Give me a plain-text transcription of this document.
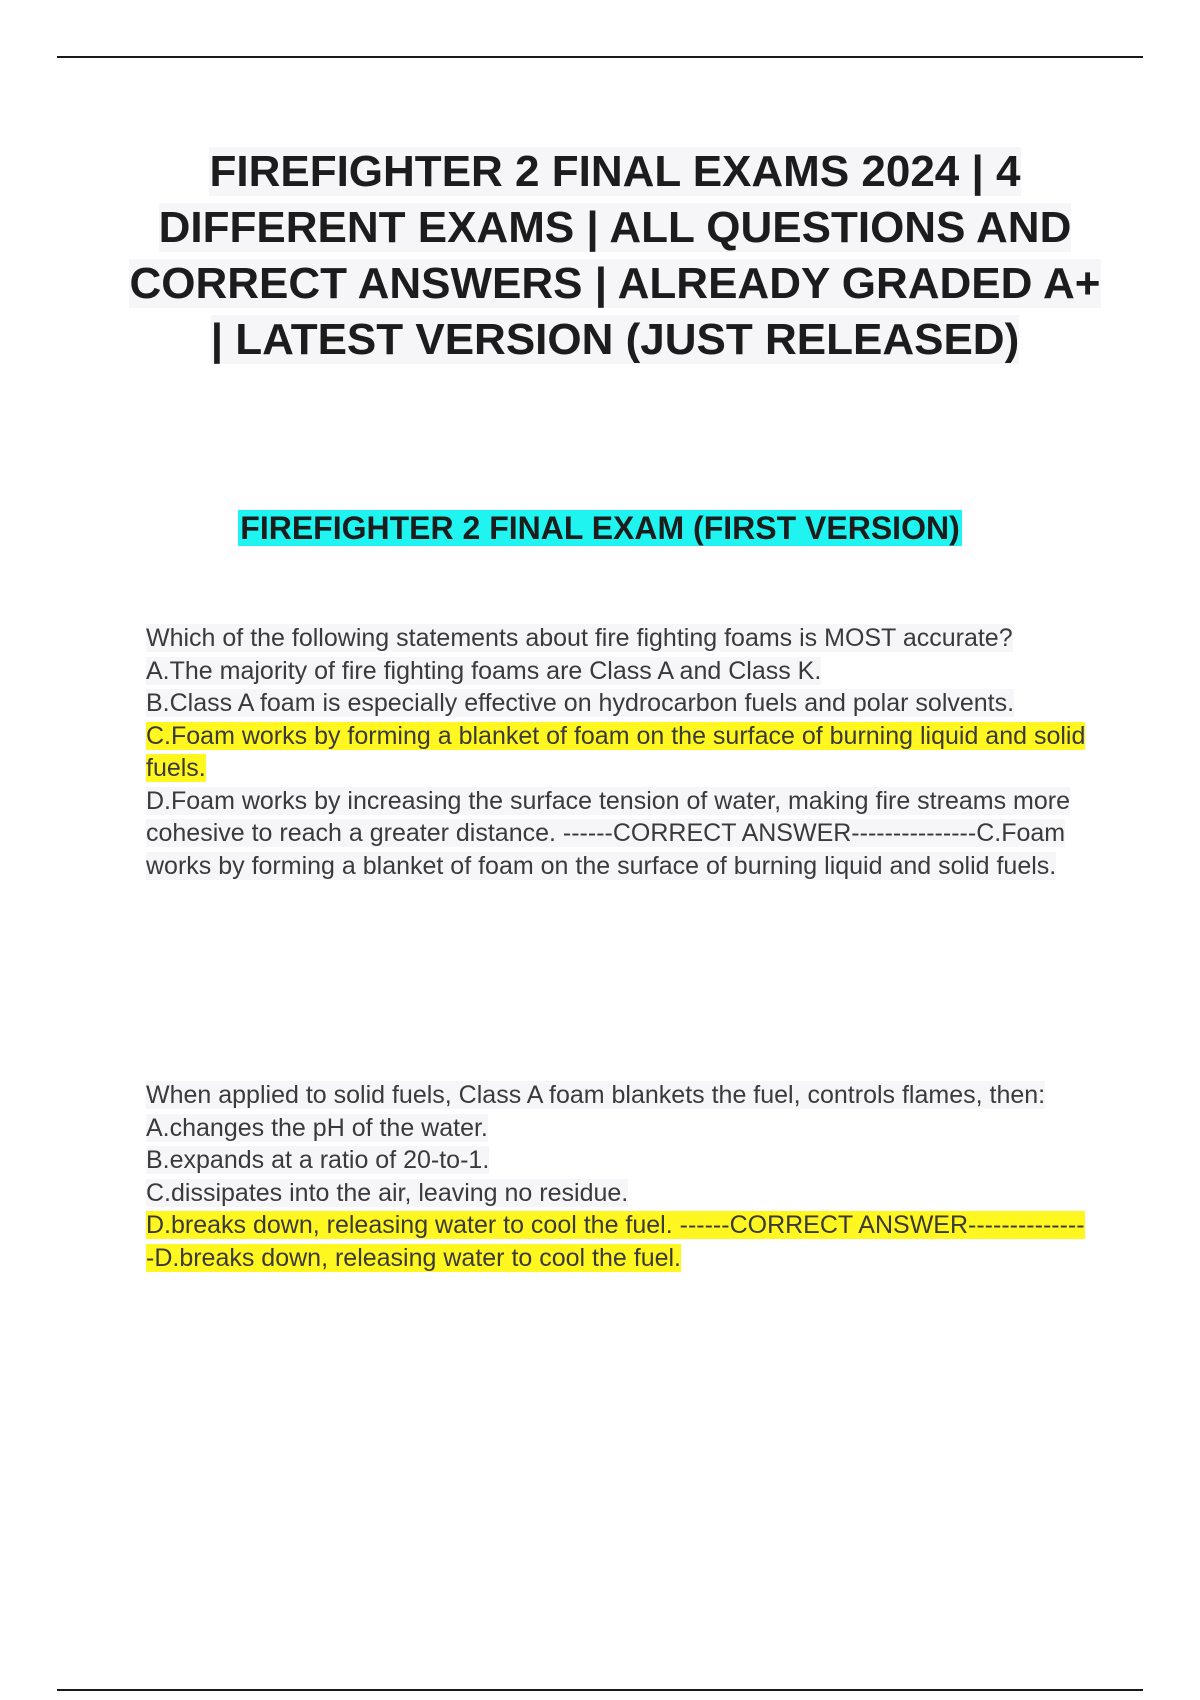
FIREFIGHTER 2 FINAL EXAMS 2024 | 4 DIFFERENT EXAMS | ALL QUESTIONS AND CORRECT ANSWERS | ALREADY GRADED A+ | LATEST VERSION (JUST RELEASED)
FIREFIGHTER 2 FINAL EXAM (FIRST VERSION)

Which of the following statements about fire fighting foams is MOST accurate?

A.The majority of fire fighting foams are Class A and Class K.

B.Class A foam is especially effective on hydrocarbon fuels and polar solvents.

C.Foam works by forming a blanket of foam on the surface of burning liquid and solid fuels.

D.Foam works by increasing the surface tension of water, making fire streams more cohesive to reach a greater distance. ------CORRECT ANSWER---------------C.Foam works by forming a blanket of foam on the surface of burning liquid and solid fuels.

When applied to solid fuels, Class A foam blankets the fuel, controls flames, then:

A.changes the pH of the water.

B.expands at a ratio of 20-to-1.

C.dissipates into the air, leaving no residue.

D.breaks down, releasing water to cool the fuel. ------CORRECT ANSWER---------------D.breaks down, releasing water to cool the fuel.
